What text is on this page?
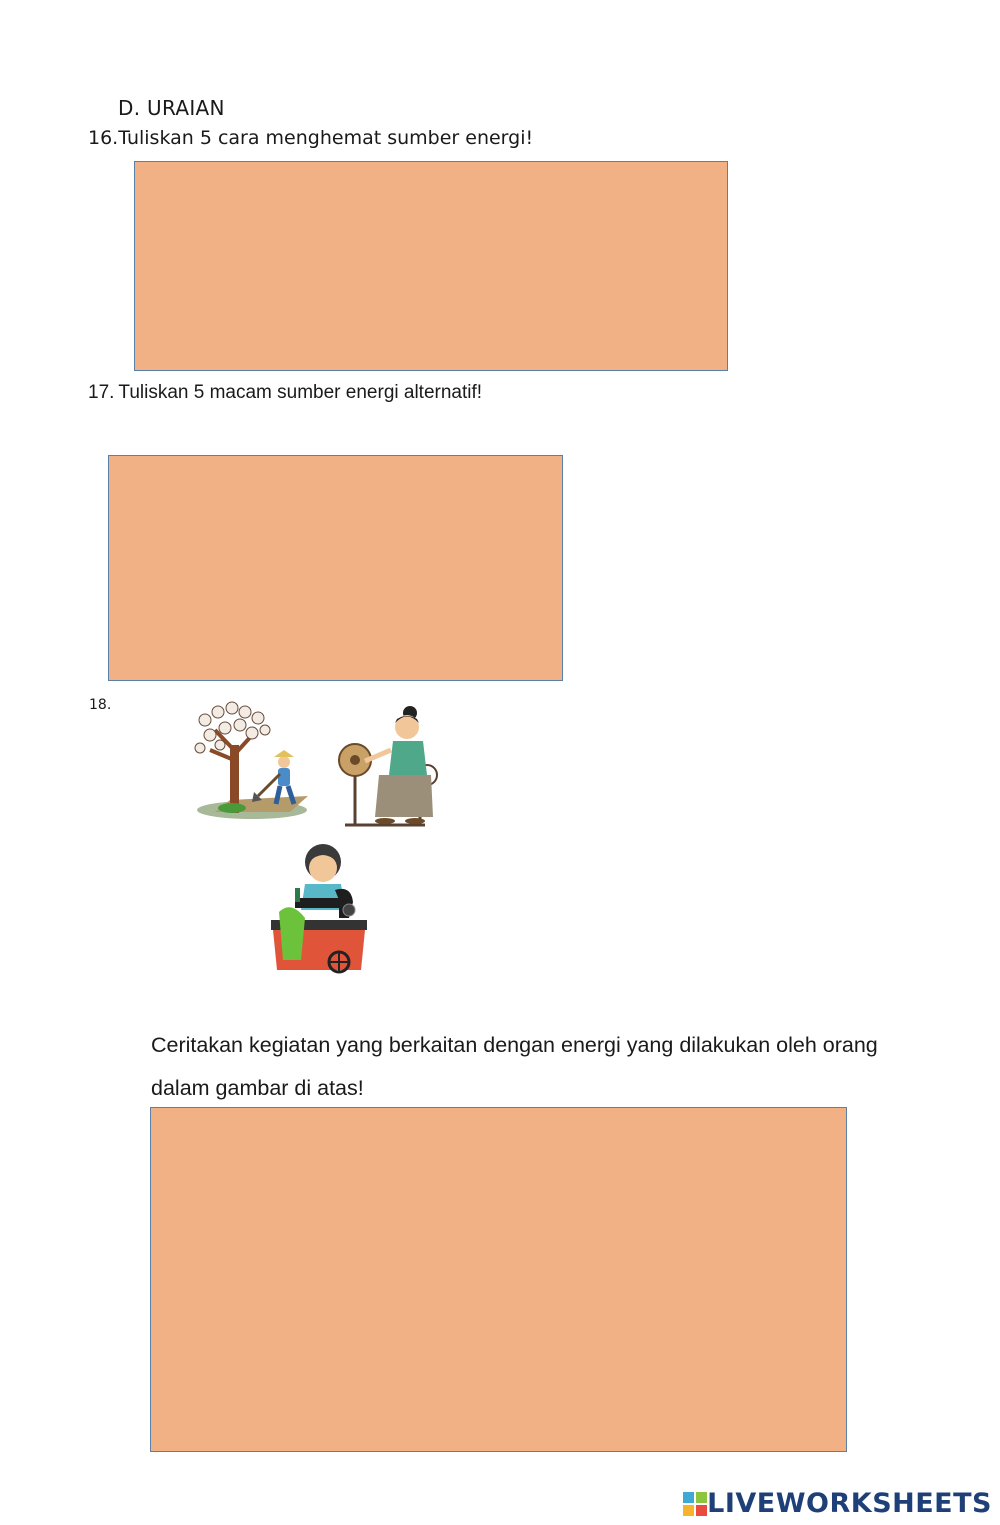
D. URAIAN
16.Tuliskan 5 cara menghemat sumber energi!
17. Tuliskan 5 macam sumber energi alternatif!
18.
Ceritakan kegiatan yang berkaitan dengan energi yang dilakukan oleh orang dalam gambar di atas!
LIVEWORKSHEETS
